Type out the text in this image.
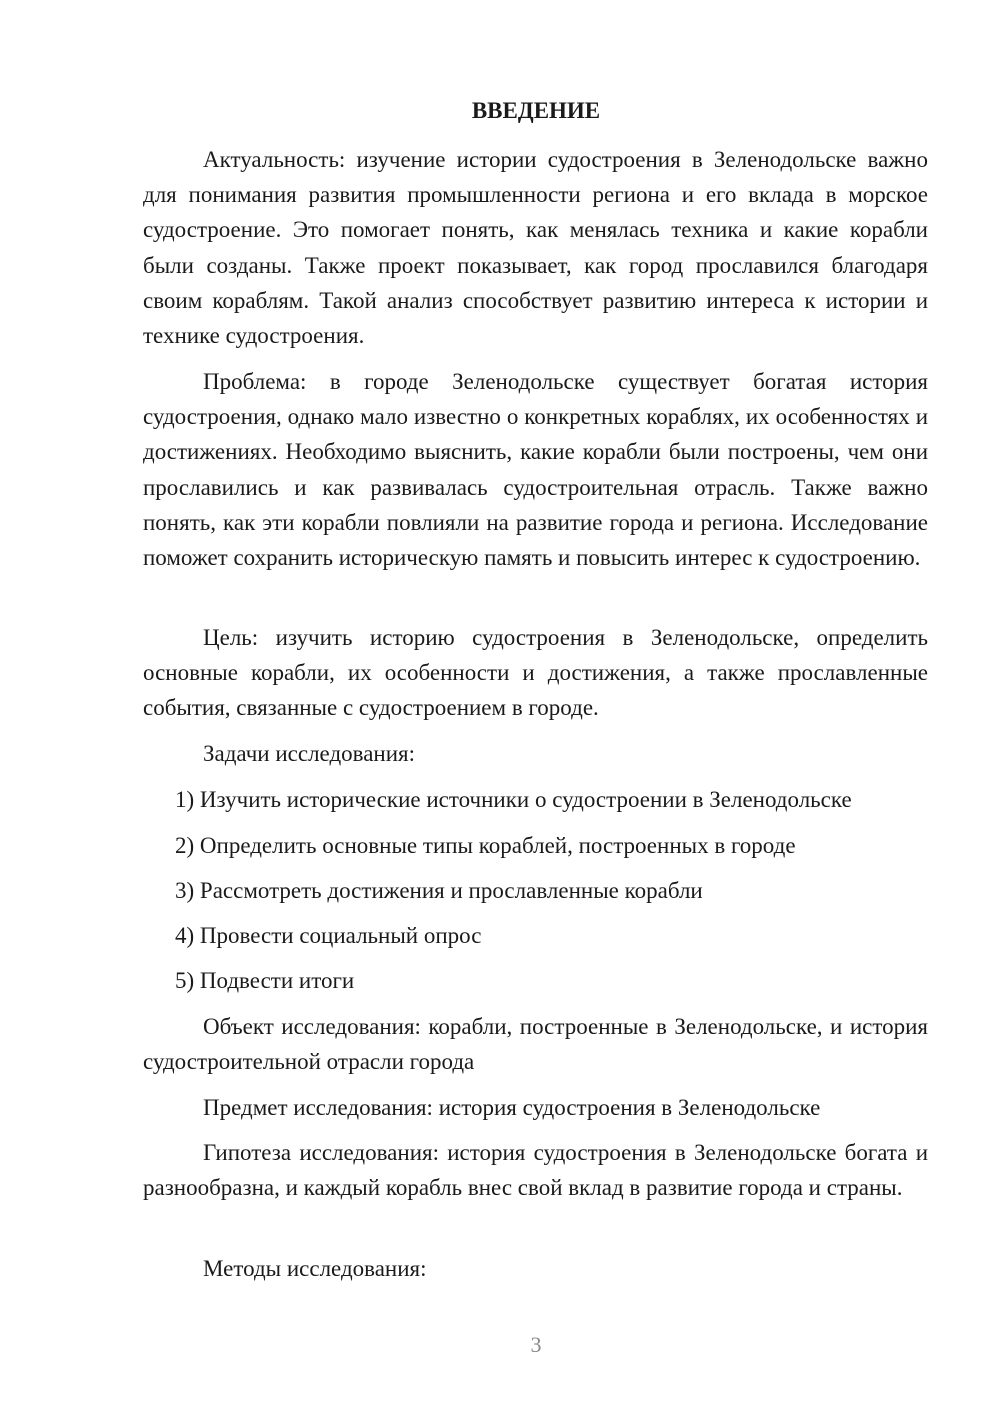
ВВЕДЕНИЕ

Актуальность: изучение истории судостроения в Зеленодольске важно для понимания развития промышленности региона и его вклада в морское судостроение. Это помогает понять, как менялась техника и какие корабли были созданы. Также проект показывает, как город прославился благодаря своим кораблям. Такой анализ способствует развитию интереса к истории и технике судостроения.

Проблема: в городе Зеленодольске существует богатая история судостроения, однако мало известно о конкретных кораблях, их особенностях и достижениях. Необходимо выяснить, какие корабли были построены, чем они прославились и как развивалась судостроительная отрасль. Также важно понять, как эти корабли повлияли на развитие города и региона. Исследование поможет сохранить историческую память и повысить интерес к судостроению.

Цель: изучить историю судостроения в Зеленодольске, определить основные корабли, их особенности и достижения, а также прославленные события, связанные с судостроением в городе.

Задачи исследования:

1) Изучить исторические источники о судостроении в Зеленодольске

2) Определить основные типы кораблей, построенных в городе

3) Рассмотреть достижения и прославленные корабли

4) Провести социальный опрос

5) Подвести итоги

Объект исследования: корабли, построенные в Зеленодольске, и история судостроительной отрасли города

Предмет исследования: история судостроения в Зеленодольске

Гипотеза исследования: история судостроения в Зеленодольске богата и разнообразна, и каждый корабль внес свой вклад в развитие города и страны.

Методы исследования:

3
